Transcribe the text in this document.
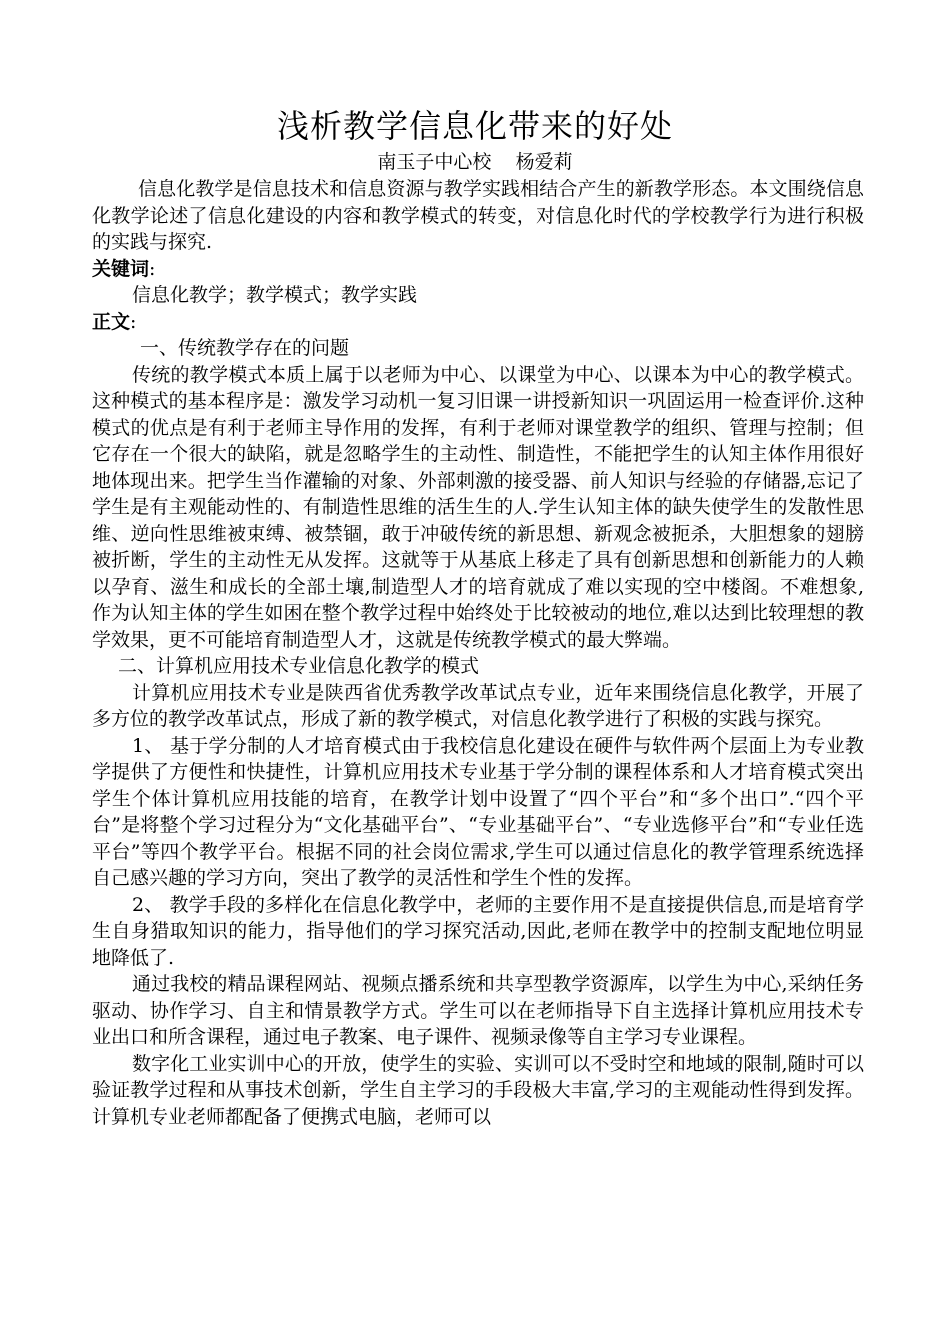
浅析教学信息化带来的好处
南玉子中心校    杨爱莉

信息化教学是信息技术和信息资源与教学实践相结合产生的新教学形态。本文围绕信息化教学论述了信息化建设的内容和教学模式的转变，对信息化时代的学校教学行为进行积极的实践与探究.

关键词:

信息化教学；教学模式；教学实践

正文:

一、传统教学存在的问题

传统的教学模式本质上属于以老师为中心、以课堂为中心、以课本为中心的教学模式。这种模式的基本程序是：激发学习动机一复习旧课一讲授新知识一巩固运用一检查评价.这种模式的优点是有利于老师主导作用的发挥，有利于老师对课堂教学的组织、管理与控制；但它存在一个很大的缺陷，就是忽略学生的主动性、制造性，不能把学生的认知主体作用很好地体现出来。把学生当作灌输的对象、外部刺激的接受器、前人知识与经验的存储器,忘记了学生是有主观能动性的、有制造性思维的活生生的人.学生认知主体的缺失使学生的发散性思维、逆向性思维被束缚、被禁锢，敢于冲破传统的新思想、新观念被扼杀，大胆想象的翅膀被折断，学生的主动性无从发挥。这就等于从基底上移走了具有创新思想和创新能力的人赖以孕育、滋生和成长的全部土壤,制造型人才的培育就成了难以实现的空中楼阁。不难想象,作为认知主体的学生如困在整个教学过程中始终处于比较被动的地位,难以达到比较理想的教学效果，更不可能培育制造型人才，这就是传统教学模式的最大弊端。

二、计算机应用技术专业信息化教学的模式

计算机应用技术专业是陕西省优秀教学改革试点专业，近年来围绕信息化教学，开展了多方位的教学改革试点，形成了新的教学模式，对信息化教学进行了积极的实践与探究。

1、 基于学分制的人才培育模式由于我校信息化建设在硬件与软件两个层面上为专业教学提供了方便性和快捷性，计算机应用技术专业基于学分制的课程体系和人才培育模式突出学生个体计算机应用技能的培育，在教学计划中设置了“四个平台”和“多个出口”.“四个平台”是将整个学习过程分为“文化基础平台”、“专业基础平台”、“专业选修平台”和“专业任选平台”等四个教学平台。根据不同的社会岗位需求,学生可以通过信息化的教学管理系统选择自己感兴趣的学习方向，突出了教学的灵活性和学生个性的发挥。

2、 教学手段的多样化在信息化教学中，老师的主要作用不是直接提供信息,而是培育学生自身猎取知识的能力，指导他们的学习探究活动,因此,老师在教学中的控制支配地位明显地降低了.

通过我校的精品课程网站、视频点播系统和共享型教学资源库，以学生为中心,采纳任务驱动、协作学习、自主和情景教学方式。学生可以在老师指导下自主选择计算机应用技术专业出口和所含课程，通过电子教案、电子课件、视频录像等自主学习专业课程。

数字化工业实训中心的开放，使学生的实验、实训可以不受时空和地域的限制,随时可以验证教学过程和从事技术创新，学生自主学习的手段极大丰富,学习的主观能动性得到发挥。计算机专业老师都配备了便携式电脑，老师可以
